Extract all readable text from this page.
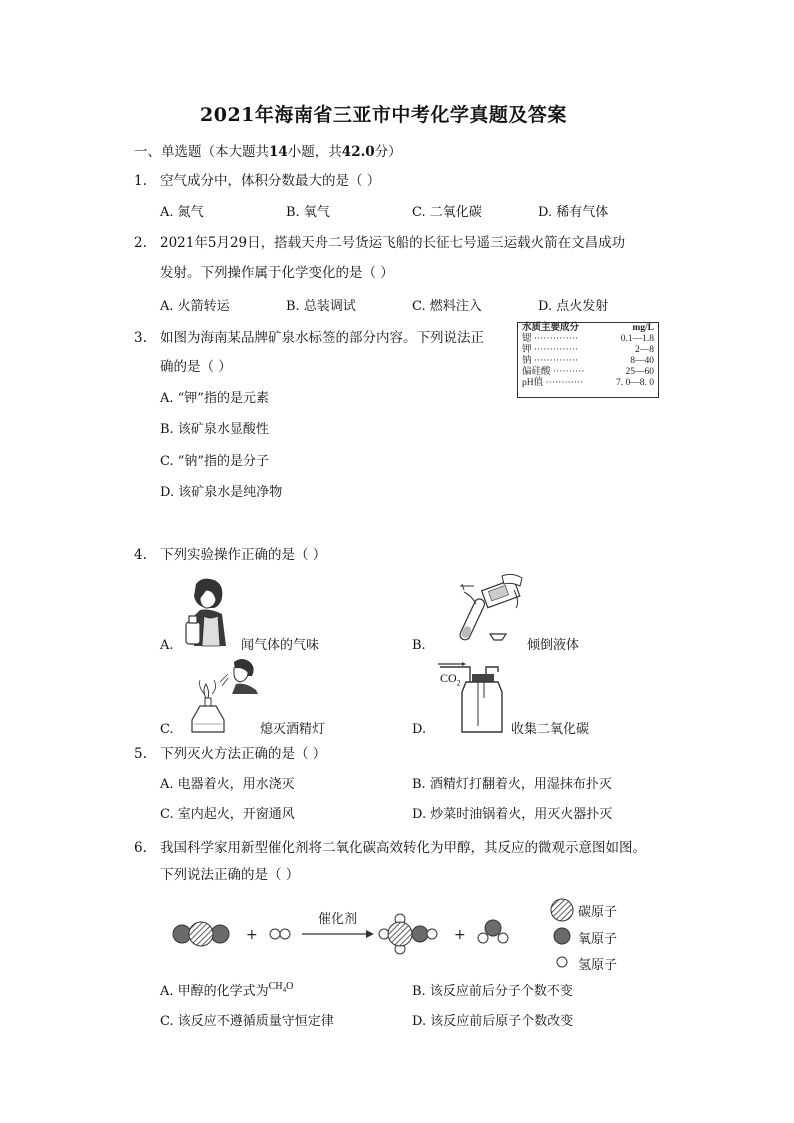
2021年海南省三亚市中考化学真题及答案
一、单选题（本大题共14小题，共42.0分）
1. 空气成分中，体积分数最大的是（ ）
A. 氮气	B. 氧气	C. 二氧化碳	D. 稀有气体
2. 2021年5月29日，搭载天舟二号货运飞船的长征七号遥三运载火箭在文昌成功
发射。下列操作属于化学变化的是（ ）
A. 火箭转运	B. 总装调试	C. 燃料注入	D. 点火发射
3. 如图为海南某品牌矿泉水标签的部分内容。下列说法正
确的是（ ）
水质主要成分	mg/L
锶 ··············	0.1—1.8
钾 ··············	2—8
钠 ··············	8—40
偏硅酸 ··········	25—60
pH值 ············	7. 0—8. 0
A. “钾”指的是元素
B. 该矿泉水显酸性
C. “钠”指的是分子
D. 该矿泉水是纯净物
4. 下列实验操作正确的是（ ）
A.	闻气体的气味	B.	倾倒液体
C.	熄灭酒精灯
$CO_2$
D.	收集二氧化碳
5. 下列灭火方法正确的是（ ）
A. 电器着火，用水浇灭	B. 酒精灯打翻着火，用湿抹布扑灭
C. 室内起火，开窗通风	D. 炒菜时油锅着火，用灭火器扑灭
6. 我国科学家用新型催化剂将二氧化碳高效转化为甲醇，其反应的微观示意图如图。
下列说法正确的是（ ）
+
催化剂
+
碳原子
氧原子
氢原子
A. 甲醇的化学式为$^{CH_4O}$	B. 该反应前后分子个数不变
C. 该反应不遵循质量守恒定律	D. 该反应前后原子个数改变
